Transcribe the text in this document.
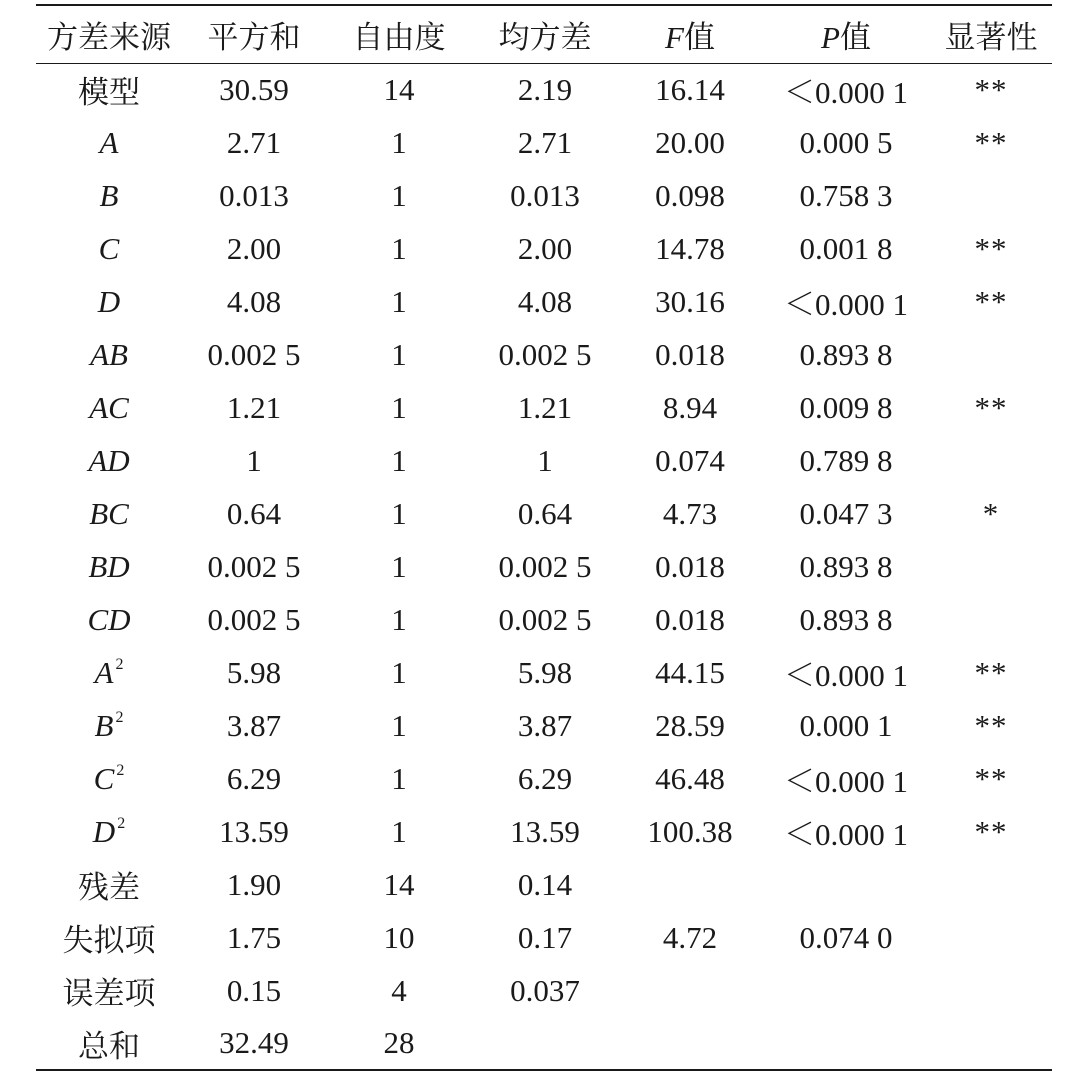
方差来源	平方和	自由度	均方差	F值	P值	显著性
模型	30.59	14	2.19	16.14	＜0.000 1	**
A	2.71	1	2.71	20.00	0.000 5	**
B	0.013	1	0.013	0.098	0.758 3	
C	2.00	1	2.00	14.78	0.001 8	**
D	4.08	1	4.08	30.16	＜0.000 1	**
AB	0.002 5	1	0.002 5	0.018	0.893 8	
AC	1.21	1	1.21	8.94	0.009 8	**
AD	1	1	1	0.074	0.789 8	
BC	0.64	1	0.64	4.73	0.047 3	*
BD	0.002 5	1	0.002 5	0.018	0.893 8	
CD	0.002 5	1	0.002 5	0.018	0.893 8	
A $^2$	5.98	1	5.98	44.15	＜0.000 1	**
B $^2$	3.87	1	3.87	28.59	0.000 1	**
C $^2$	6.29	1	6.29	46.48	＜0.000 1	**
D $^2$	13.59	1	13.59	100.38	＜0.000 1	**
残差	1.90	14	0.14			
失拟项	1.75	10	0.17	4.72	0.074 0	
误差项	0.15	4	0.037			
总和	32.49	28				
